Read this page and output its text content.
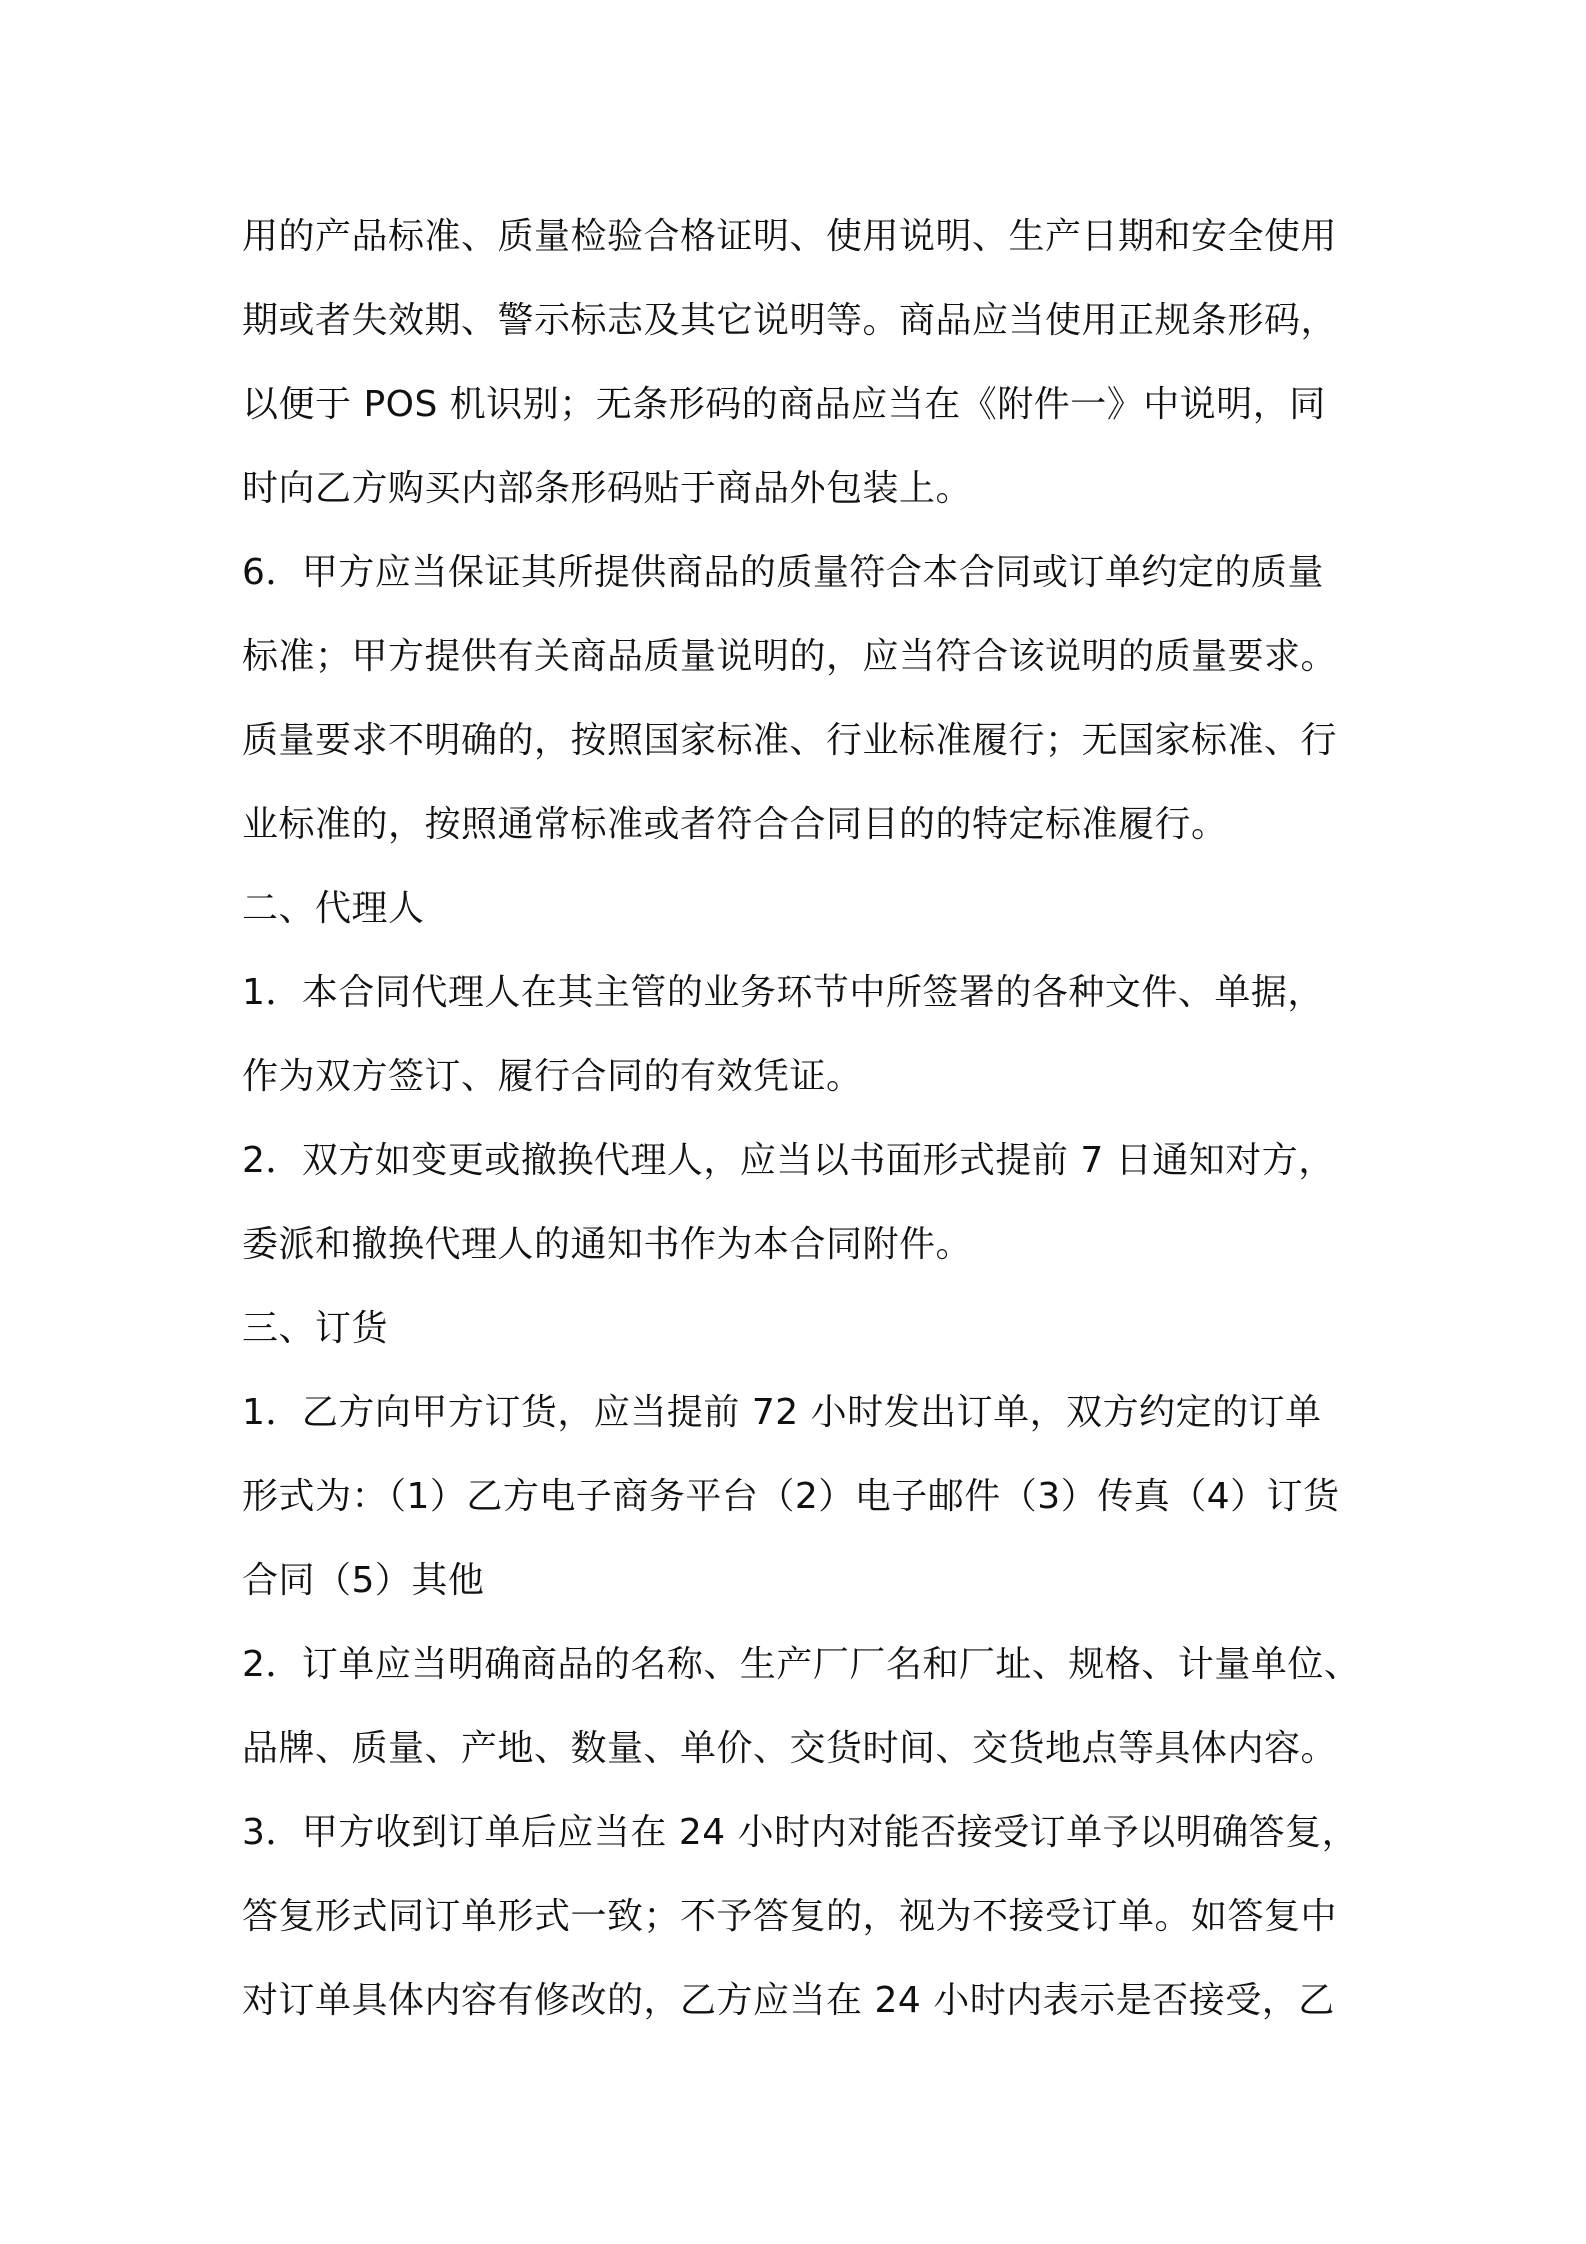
用的产品标准、质量检验合格证明、使用说明、生产日期和安全使用
期或者失效期、警示标志及其它说明等。商品应当使用正规条形码，
以便于 POS 机识别；无条形码的商品应当在《附件一》中说明，同
时向乙方购买内部条形码贴于商品外包装上。
6．甲方应当保证其所提供商品的质量符合本合同或订单约定的质量
标准；甲方提供有关商品质量说明的，应当符合该说明的质量要求。
质量要求不明确的，按照国家标准、行业标准履行；无国家标准、行
业标准的，按照通常标准或者符合合同目的的特定标准履行。
二、代理人
1．本合同代理人在其主管的业务环节中所签署的各种文件、单据，
作为双方签订、履行合同的有效凭证。
2．双方如变更或撤换代理人，应当以书面形式提前 7 日通知对方，
委派和撤换代理人的通知书作为本合同附件。
三、订货
1．乙方向甲方订货，应当提前 72 小时发出订单，双方约定的订单
形式为：（1）乙方电子商务平台（2）电子邮件（3）传真（4）订货
合同（5）其他
2．订单应当明确商品的名称、生产厂厂名和厂址、规格、计量单位、
品牌、质量、产地、数量、单价、交货时间、交货地点等具体内容。
3．甲方收到订单后应当在 24 小时内对能否接受订单予以明确答复，
答复形式同订单形式一致；不予答复的，视为不接受订单。如答复中
对订单具体内容有修改的，乙方应当在 24 小时内表示是否接受，乙
